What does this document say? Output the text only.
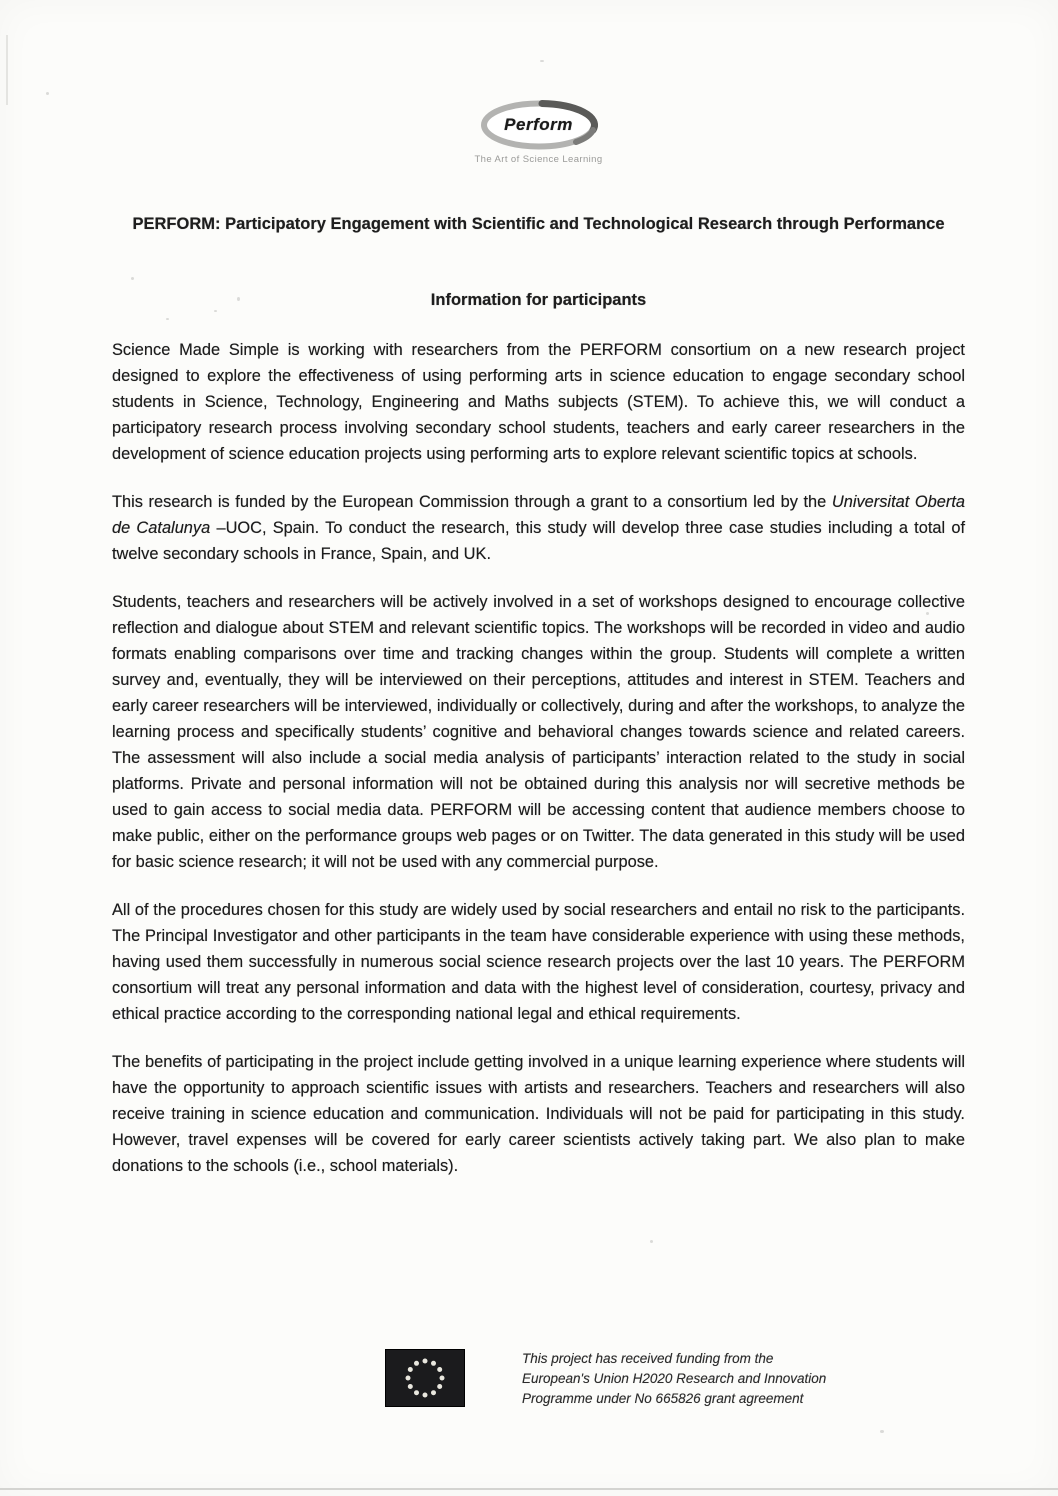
Perform
The Art of Science Learning
PERFORM: Participatory Engagement with Scientific and Technological Research through Performance
Information for participants

Science Made Simple is working with researchers from the PERFORM consortium on a new research project designed to explore the effectiveness of using performing arts in science education to engage secondary school students in Science, Technology, Engineering and Maths subjects (STEM). To achieve this, we will conduct a participatory research process involving secondary school students, teachers and early career researchers in the development of science education projects using performing arts to explore relevant scientific topics at schools.

This research is funded by the European Commission through a grant to a consortium led by the Universitat Oberta de Catalunya –UOC, Spain. To conduct the research, this study will develop three case studies including a total of twelve secondary schools in France, Spain, and UK.

Students, teachers and researchers will be actively involved in a set of workshops designed to encourage collective reflection and dialogue about STEM and relevant scientific topics. The workshops will be recorded in video and audio formats enabling comparisons over time and tracking changes within the group. Students will complete a written survey and, eventually, they will be interviewed on their perceptions, attitudes and interest in STEM. Teachers and early career researchers will be interviewed, individually or collectively, during and after the workshops, to analyze the learning process and specifically students’ cognitive and behavioral changes towards science and related careers. The assessment will also include a social media analysis of participants’ interaction related to the study in social platforms. Private and personal information will not be obtained during this analysis nor will secretive methods be used to gain access to social media data. PERFORM will be accessing content that audience members choose to make public, either on the performance groups web pages or on Twitter. The data generated in this study will be used for basic science research; it will not be used with any commercial purpose.

All of the procedures chosen for this study are widely used by social researchers and entail no risk to the participants. The Principal Investigator and other participants in the team have considerable experience with using these methods, having used them successfully in numerous social science research projects over the last 10 years. The PERFORM consortium will treat any personal information and data with the highest level of consideration, courtesy, privacy and ethical practice according to the corresponding national legal and ethical requirements.

The benefits of participating in the project include getting involved in a unique learning experience where students will have the opportunity to approach scientific issues with artists and researchers. Teachers and researchers will also receive training in science education and communication. Individuals will not be paid for participating in this study. However, travel expenses will be covered for early career scientists actively taking part. We also plan to make donations to the schools (i.e., school materials).

This project has received funding from the
European's Union H2020 Research and Innovation
Programme under No 665826 grant agreement
